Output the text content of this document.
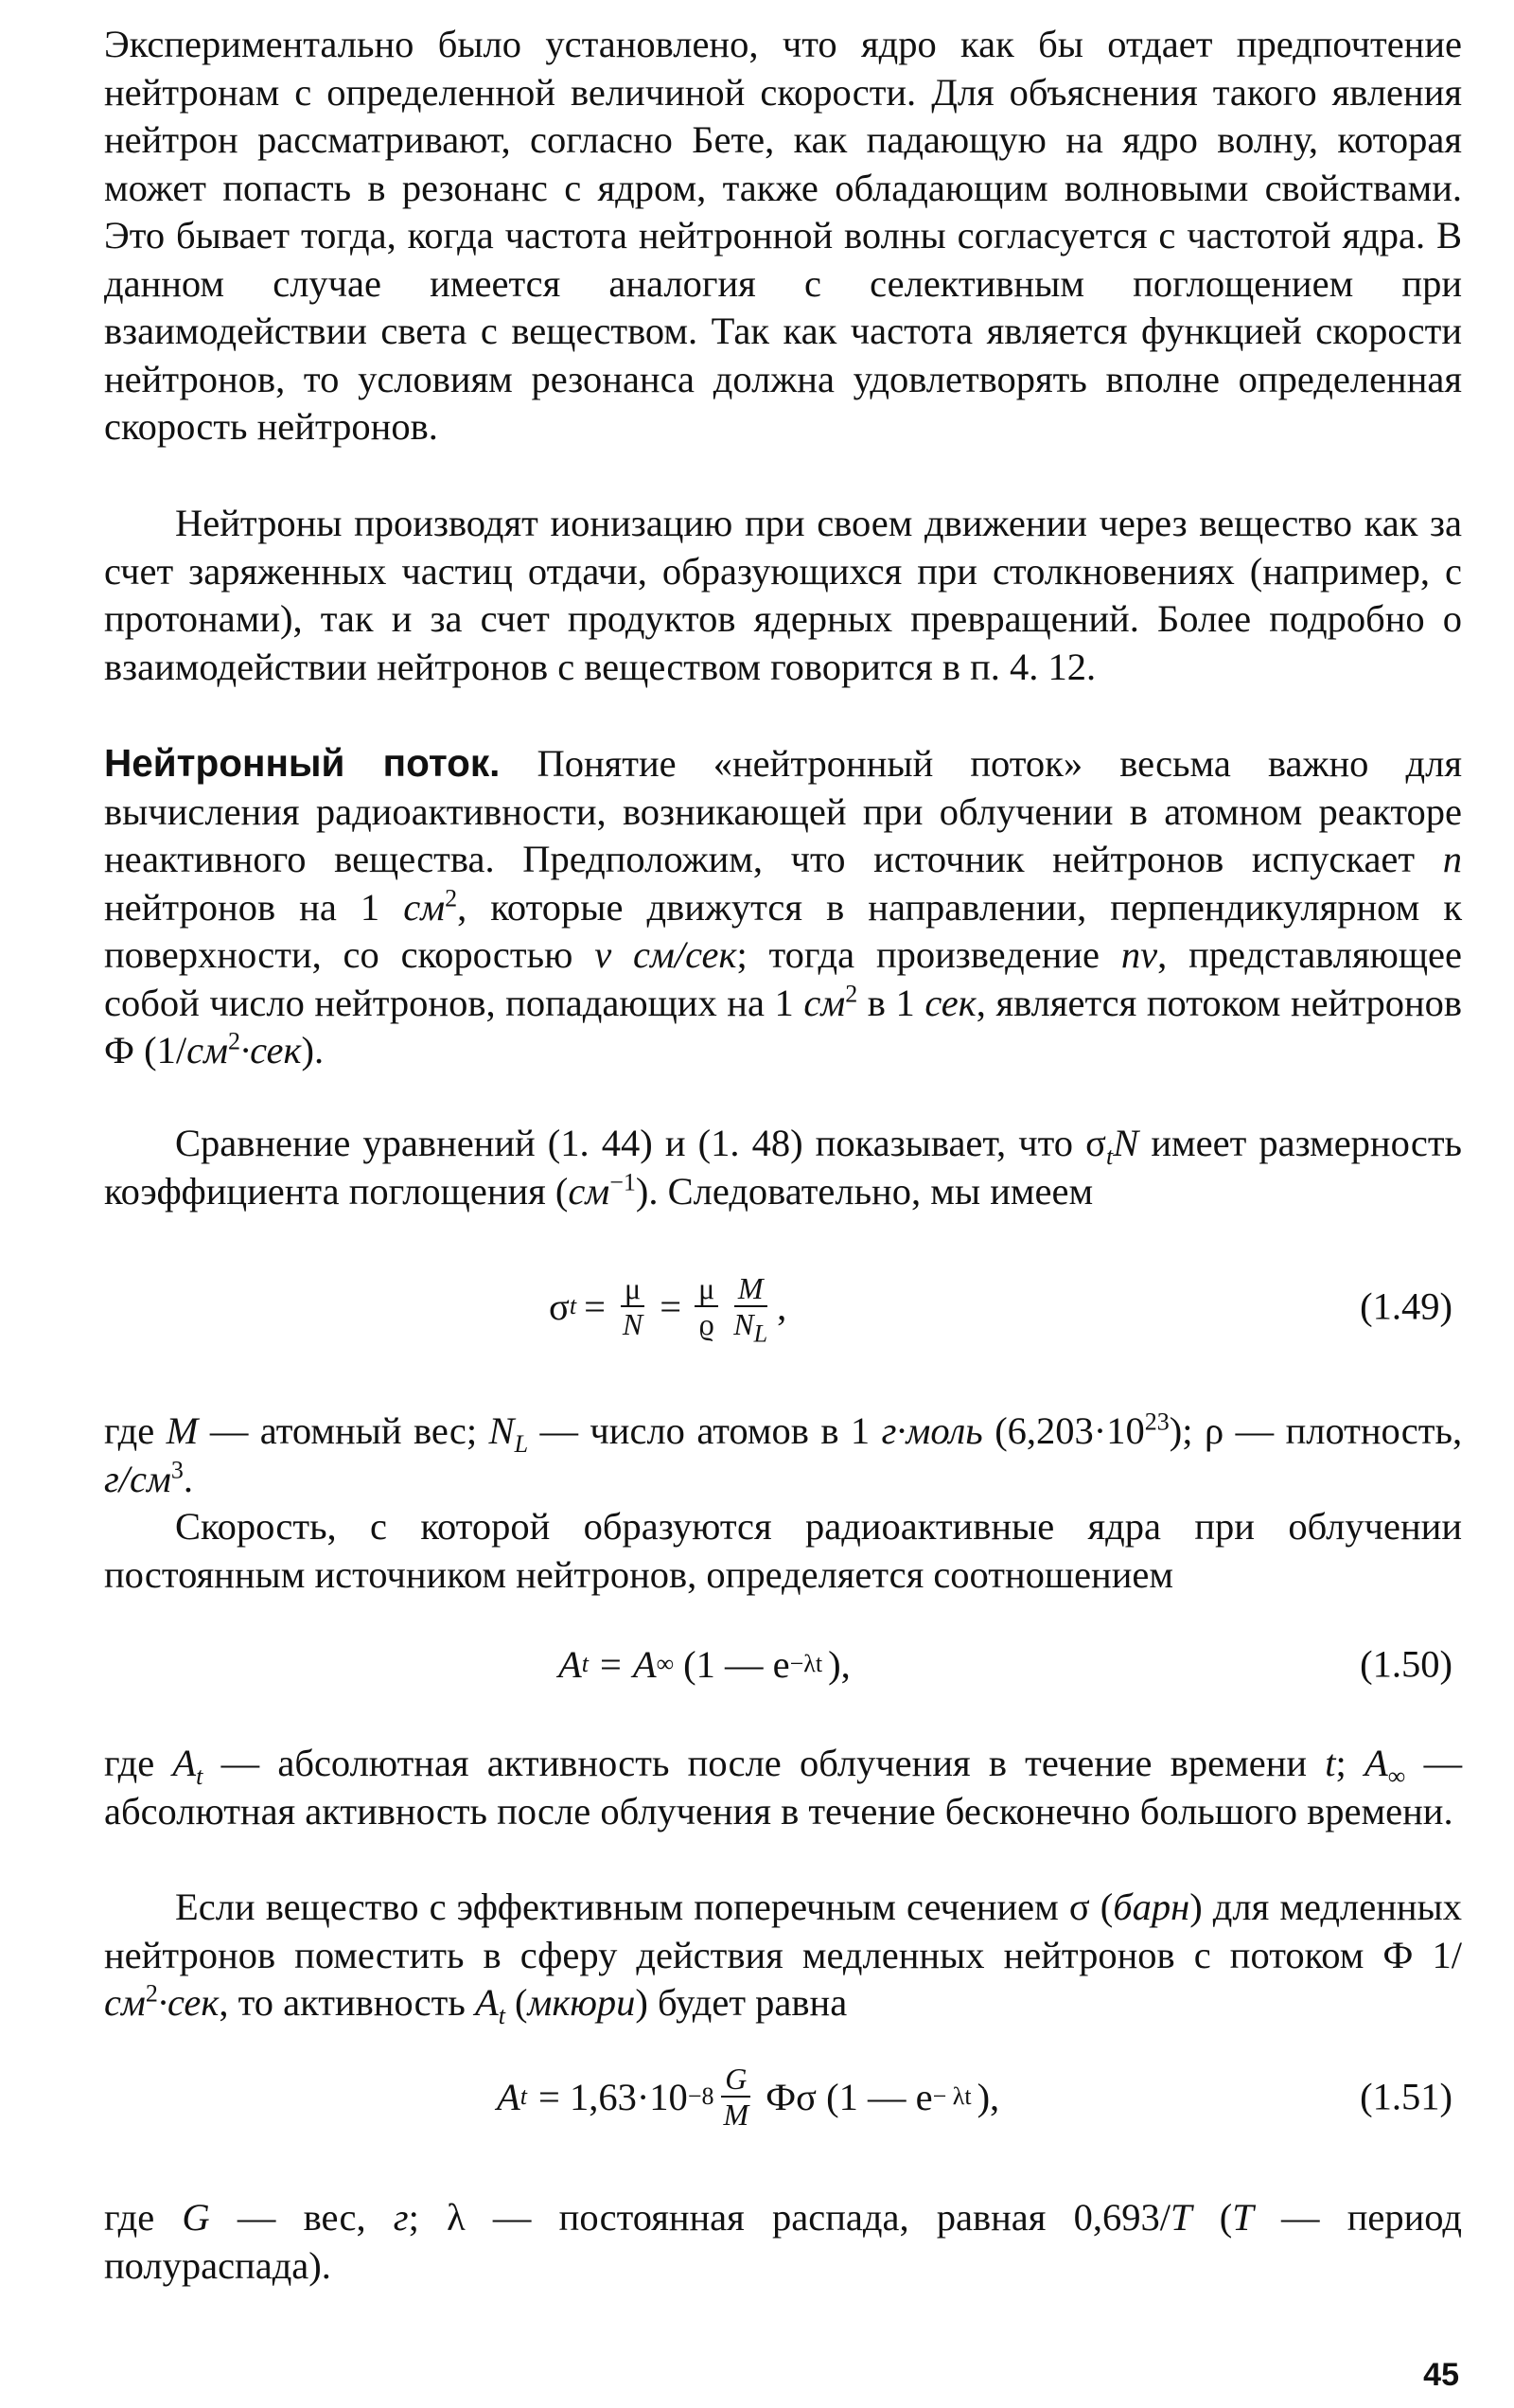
Экспериментально было установлено, что ядро как бы отдает предпочтение нейтронам с определенной величиной скорости. Для объяснения такого явления нейтрон рассматривают, согласно Бете, как падающую на ядро волну, которая может попасть в резонанс с ядром, также обладающим волновыми свойствами. Это бывает тогда, когда частота нейтронной волны согласуется с частотой ядра. В данном случае имеется аналогия с селективным поглощением при взаимодействии света с веществом. Так как частота является функцией скорости нейтронов, то условиям резонанса должна удовлетворять вполне определенная скорость нейтронов.
Нейтроны производят ионизацию при своем движении через вещество как за счет заряженных частиц отдачи, образующихся при столкновениях (например, с протонами), так и за счет продуктов ядерных превращений. Более подробно о взаимодействии нейтронов с веществом говорится в п. 4. 12.
Нейтронный поток. Понятие «нейтронный поток» весьма важно для вычисления радиоактивности, возникающей при облучении в атомном реакторе неактивного вещества. Предположим, что источник нейтронов испускает n нейтронов на 1 $см^2$, которые движутся в направлении, перпендикулярном к поверхности, со скоростью v см/сек; тогда произведение nv, представляющее собой число нейтронов, попадающих на 1 $см^2$ в 1 сек, является потоком нейтронов Ф $(1/см^2\cdot сек)$.
Сравнение уравнений (1. 44) и (1. 48) показывает, что $\sigma_tN$ имеет размерность коэффициента поглощения $(см^{-1})$. Следовательно, мы имеем
σ $t = \frac{\mu}{N} = \frac{\mu}{ϱ} \frac{M}{N_L}$ ,	(1.49)
где M — атомный вес; $N_L$ — число атомов в 1 г·моль $(6,203\cdot 10^{23})$; ρ — плотность, $г/см^3$.
Скорость, с которой образуются радиоактивные ядра при облучении постоянным источником нейтронов, определяется соотношением
A t = A ∞ (1 — e −λt ),	(1.50)
где $A_t$ — абсолютная активность после облучения в течение времени t; $A_\infty$ — абсолютная активность после облучения в течение бесконечно большого времени.
Если вещество с эффективным поперечным сечением σ (барн) для медленных нейтронов поместить в сферу действия медленных нейтронов с потоком Ф $1/см^2\cdot сек$, то активность $A_t$ (мкюри) будет равна
A $t = 1,63\cdot 10 -8 \frac{G}{M}$ Фσ (1 — e − λt ),	(1.51)
где G — вес, г; λ — постоянная распада, равная 0,693/T (T — период полураспада).
45
